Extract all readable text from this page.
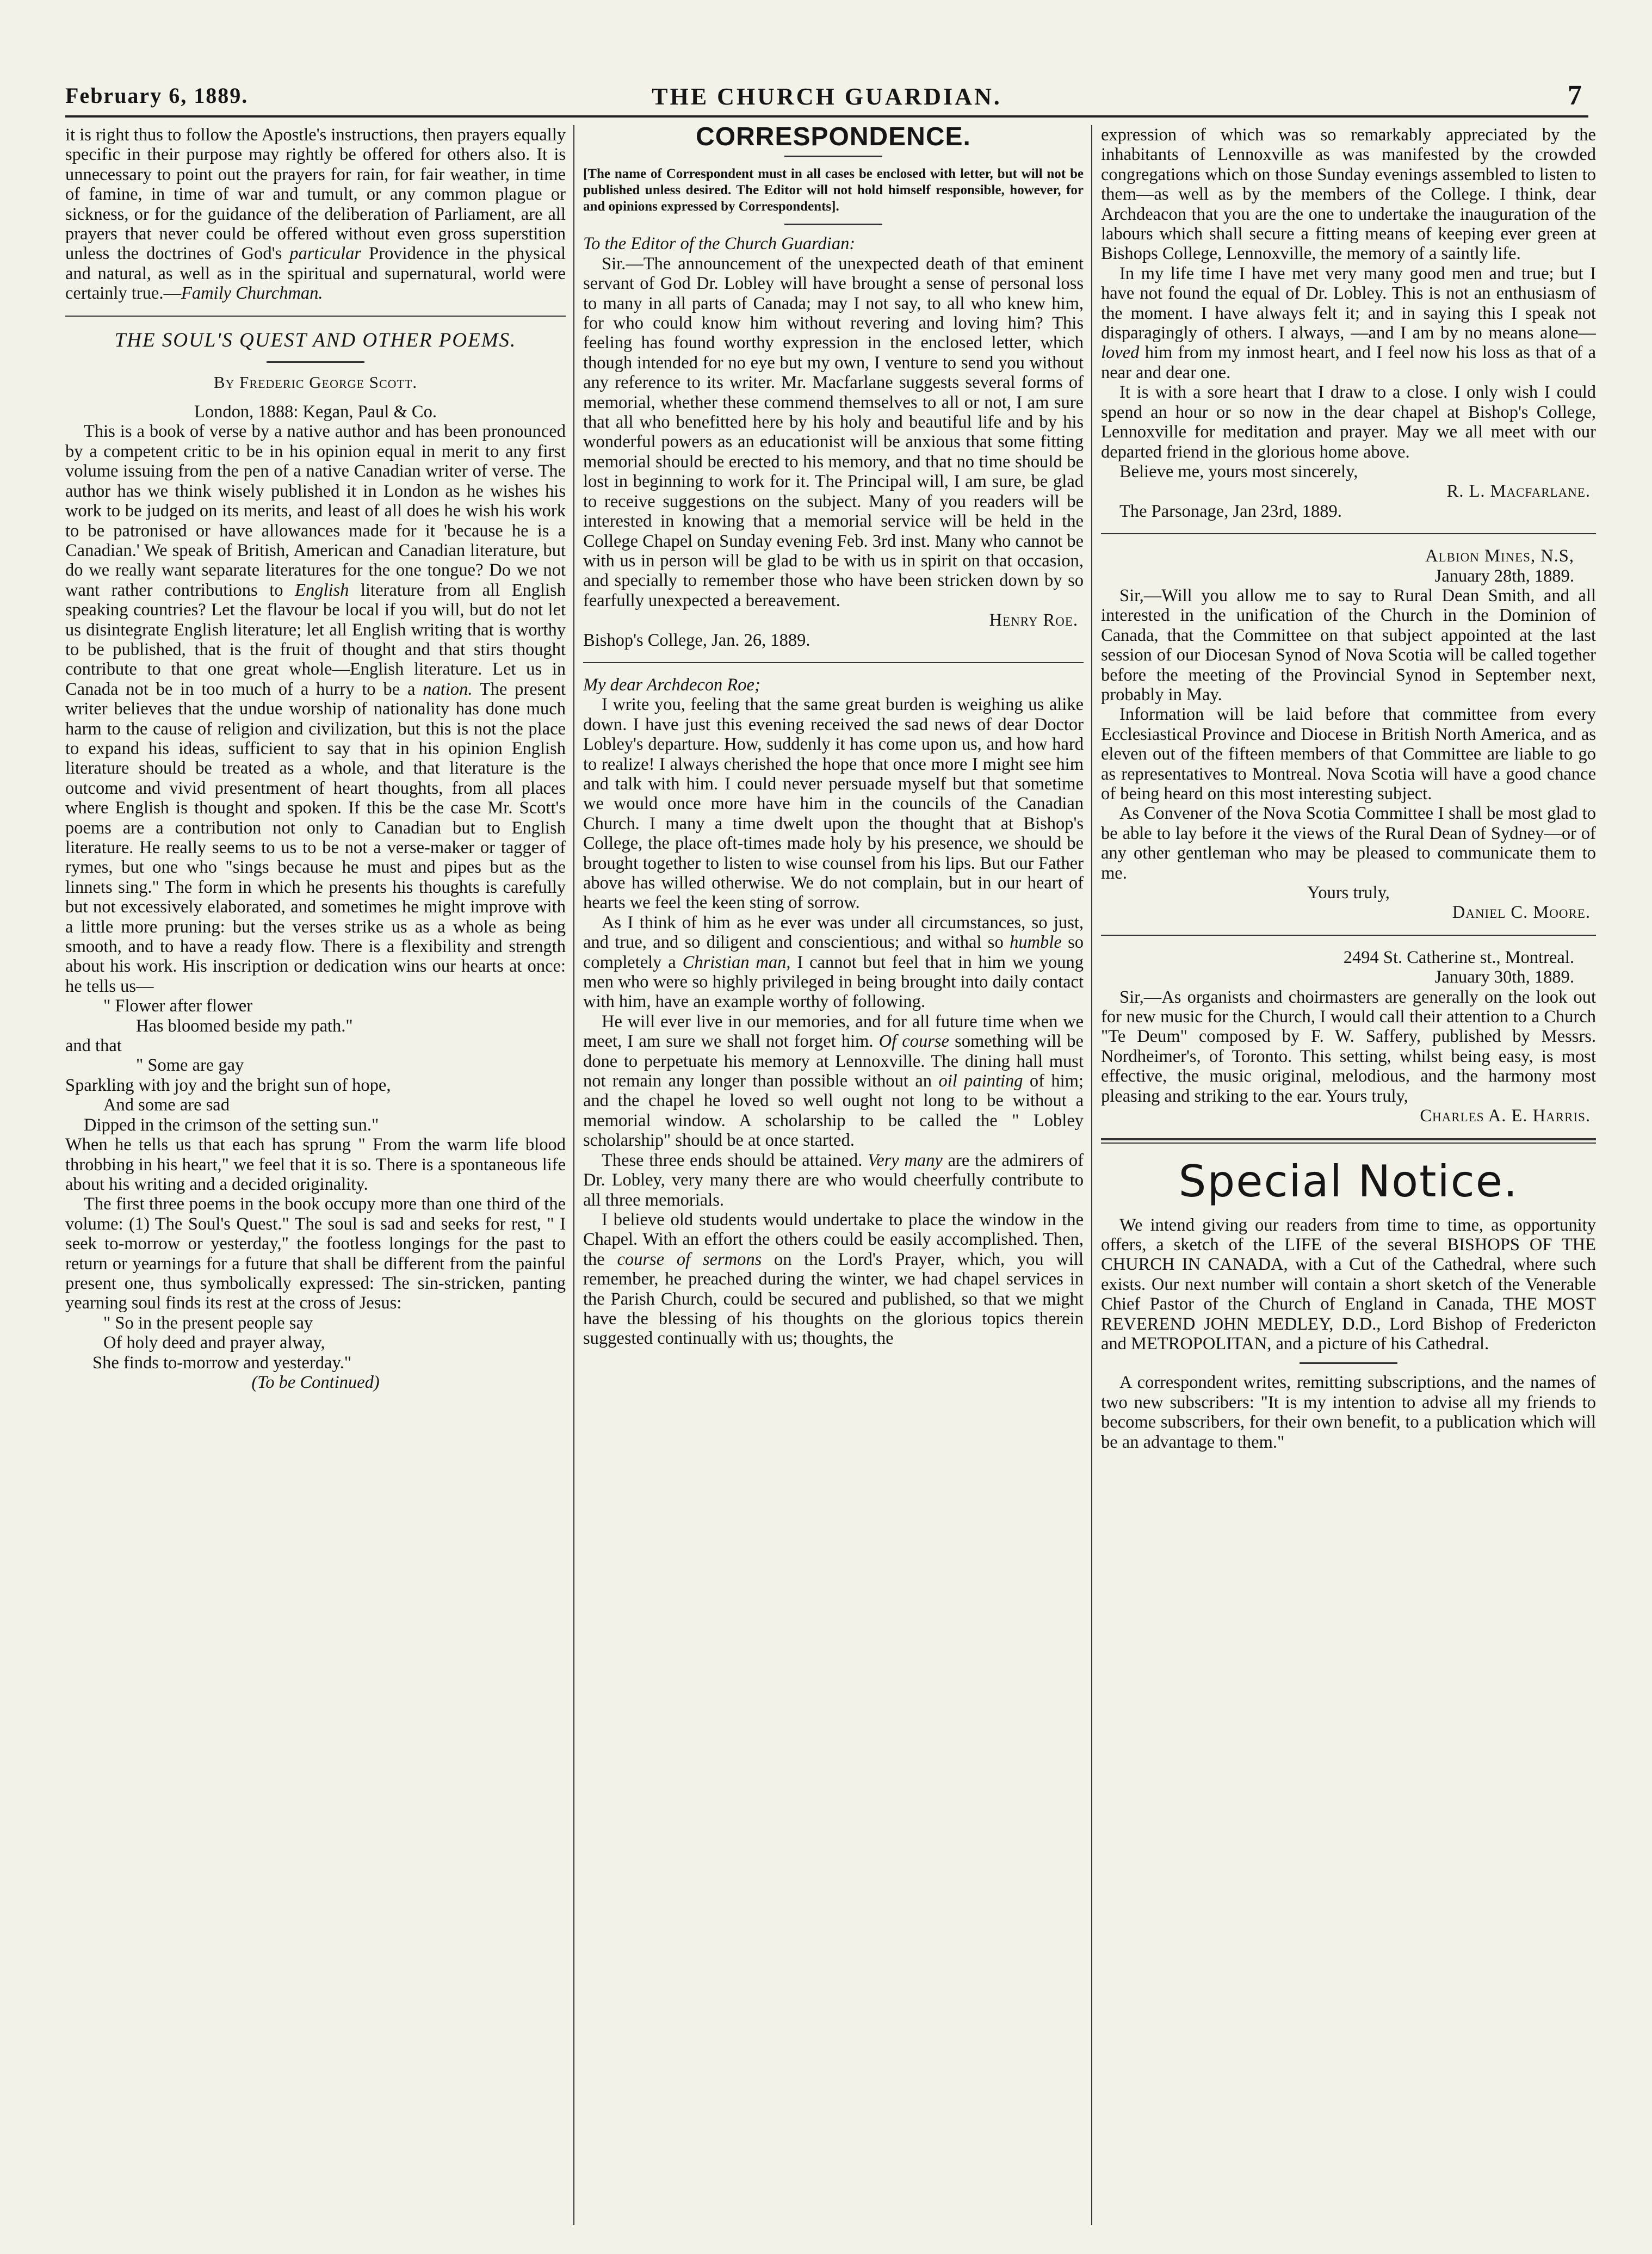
February 6, 1889.	THE CHURCH GUARDIAN.	7

it is right thus to follow the Apostle's instructions, then prayers equally specific in their purpose may rightly be offered for others also. It is unnecessary to point out the prayers for rain, for fair weather, in time of famine, in time of war and tumult, or any common plague or sickness, or for the guidance of the deliberation of Parliament, are all prayers that never could be offered without even gross superstition unless the doctrines of God's particular Providence in the physical and natural, as well as in the spiritual and supernatural, world were certainly true.—Family Churchman.

THE SOUL'S QUEST AND OTHER POEMS.
By Frederic George Scott.

London, 1888: Kegan, Paul & Co.

This is a book of verse by a native author and has been pronounced by a competent critic to be in his opinion equal in merit to any first volume issuing from the pen of a native Canadian writer of verse. The author has we think wisely published it in London as he wishes his work to be judged on its merits, and least of all does he wish his work to be patronised or have allowances made for it 'because he is a Canadian.' We speak of British, American and Canadian literature, but do we really want separate literatures for the one tongue? Do we not want rather contributions to English literature from all English speaking countries? Let the flavour be local if you will, but do not let us disintegrate English literature; let all English writing that is worthy to be published, that is the fruit of thought and that stirs thought contribute to that one great whole—English literature. Let us in Canada not be in too much of a hurry to be a nation. The present writer believes that the undue worship of nationality has done much harm to the cause of religion and civilization, but this is not the place to expand his ideas, sufficient to say that in his opinion English literature should be treated as a whole, and that literature is the outcome and vivid presentment of heart thoughts, from all places where English is thought and spoken. If this be the case Mr. Scott's poems are a contribution not only to Canadian but to English literature. He really seems to us to be not a verse-maker or tagger of rymes, but one who "sings because he must and pipes but as the linnets sing." The form in which he presents his thoughts is carefully but not excessively elaborated, and sometimes he might improve with a little more pruning: but the verses strike us as a whole as being smooth, and to have a ready flow. There is a flexibility and strength about his work. His inscription or dedication wins our hearts at once: he tells us—

" Flower after flower

Has bloomed beside my path."

and that

" Some are gay

Sparkling with joy and the bright sun of hope,

And some are sad

Dipped in the crimson of the setting sun."

When he tells us that each has sprung " From the warm life blood throbbing in his heart," we feel that it is so. There is a spontaneous life about his writing and a decided originality.

The first three poems in the book occupy more than one third of the volume: (1) The Soul's Quest." The soul is sad and seeks for rest, " I seek to-morrow or yesterday," the footless longings for the past to return or yearnings for a future that shall be different from the painful present one, thus symbolically expressed: The sin-stricken, panting yearning soul finds its rest at the cross of Jesus:

" So in the present people say

Of holy deed and prayer alway,

She finds to-morrow and yesterday."

(To be Continued)

CORRESPONDENCE.

[The name of Correspondent must in all cases be enclosed with letter, but will not be published unless desired. The Editor will not hold himself responsible, however, for and opinions expressed by Correspondents].

To the Editor of the Church Guardian:

Sir.—The announcement of the unexpected death of that eminent servant of God Dr. Lobley will have brought a sense of personal loss to many in all parts of Canada; may I not say, to all who knew him, for who could know him without revering and loving him? This feeling has found worthy expression in the enclosed letter, which though intended for no eye but my own, I venture to send you without any reference to its writer. Mr. Macfarlane suggests several forms of memorial, whether these commend themselves to all or not, I am sure that all who benefitted here by his holy and beautiful life and by his wonderful powers as an educationist will be anxious that some fitting memorial should be erected to his memory, and that no time should be lost in beginning to work for it. The Principal will, I am sure, be glad to receive suggestions on the subject. Many of you readers will be interested in knowing that a memorial service will be held in the College Chapel on Sunday evening Feb. 3rd inst. Many who cannot be with us in person will be glad to be with us in spirit on that occasion, and specially to remember those who have been stricken down by so fearfully unexpected a bereavement.

Henry Roe.

Bishop's College, Jan. 26, 1889.

My dear Archdecon Roe;

I write you, feeling that the same great burden is weighing us alike down. I have just this evening received the sad news of dear Doctor Lobley's departure. How, suddenly it has come upon us, and how hard to realize! I always cherished the hope that once more I might see him and talk with him. I could never persuade myself but that sometime we would once more have him in the councils of the Canadian Church. I many a time dwelt upon the thought that at Bishop's College, the place oft-times made holy by his presence, we should be brought together to listen to wise counsel from his lips. But our Father above has willed otherwise. We do not complain, but in our heart of hearts we feel the keen sting of sorrow.

As I think of him as he ever was under all circumstances, so just, and true, and so diligent and conscientious; and withal so humble so completely a Christian man, I cannot but feel that in him we young men who were so highly privileged in being brought into daily contact with him, have an example worthy of following.

He will ever live in our memories, and for all future time when we meet, I am sure we shall not forget him. Of course something will be done to perpetuate his memory at Lennoxville. The dining hall must not remain any longer than possible without an oil painting of him; and the chapel he loved so well ought not long to be without a memorial window. A scholarship to be called the " Lobley scholarship" should be at once started.

These three ends should be attained. Very many are the admirers of Dr. Lobley, very many there are who would cheerfully contribute to all three memorials.

I believe old students would undertake to place the window in the Chapel. With an effort the others could be easily accomplished. Then, the course of sermons on the Lord's Prayer, which, you will remember, he preached during the winter, we had chapel services in the Parish Church, could be secured and published, so that we might have the blessing of his thoughts on the glorious topics therein suggested continually with us; thoughts, the

expression of which was so remarkably appreciated by the inhabitants of Lennoxville as was manifested by the crowded congregations which on those Sunday evenings assembled to listen to them—as well as by the members of the College. I think, dear Archdeacon that you are the one to undertake the inauguration of the labours which shall secure a fitting means of keeping ever green at Bishops College, Lennoxville, the memory of a saintly life.

In my life time I have met very many good men and true; but I have not found the equal of Dr. Lobley. This is not an enthusiasm of the moment. I have always felt it; and in saying this I speak not disparagingly of others. I always, —and I am by no means alone—loved him from my inmost heart, and I feel now his loss as that of a near and dear one.

It is with a sore heart that I draw to a close. I only wish I could spend an hour or so now in the dear chapel at Bishop's College, Lennoxville for meditation and prayer. May we all meet with our departed friend in the glorious home above.

Believe me, yours most sincerely,

R. L. Macfarlane.

The Parsonage, Jan 23rd, 1889.

Albion Mines, N.S,

January 28th, 1889.

Sir,—Will you allow me to say to Rural Dean Smith, and all interested in the unification of the Church in the Dominion of Canada, that the Committee on that subject appointed at the last session of our Diocesan Synod of Nova Scotia will be called together before the meeting of the Provincial Synod in September next, probably in May.

Information will be laid before that committee from every Ecclesiastical Province and Diocese in British North America, and as eleven out of the fifteen members of that Committee are liable to go as representatives to Montreal. Nova Scotia will have a good chance of being heard on this most interesting subject.

As Convener of the Nova Scotia Committee I shall be most glad to be able to lay before it the views of the Rural Dean of Sydney—or of any other gentleman who may be pleased to communicate them to me.

Yours truly,

Daniel C. Moore.

2494 St. Catherine st., Montreal.

January 30th, 1889.

Sir,—As organists and choirmasters are generally on the look out for new music for the Church, I would call their attention to a Church "Te Deum" composed by F. W. Saffery, published by Messrs. Nordheimer's, of Toronto. This setting, whilst being easy, is most effective, the music original, melodious, and the harmony most pleasing and striking to the ear. Yours truly,

Charles A. E. Harris.

Special Notice.

We intend giving our readers from time to time, as opportunity offers, a sketch of the LIFE of the several BISHOPS OF THE CHURCH IN CANADA, with a Cut of the Cathedral, where such exists. Our next number will contain a short sketch of the Venerable Chief Pastor of the Church of England in Canada, THE MOST REVEREND JOHN MEDLEY, D.D., Lord Bishop of Fredericton and METROPOLITAN, and a picture of his Cathedral.

A correspondent writes, remitting subscriptions, and the names of two new subscribers: "It is my intention to advise all my friends to become subscribers, for their own benefit, to a publication which will be an advantage to them."
